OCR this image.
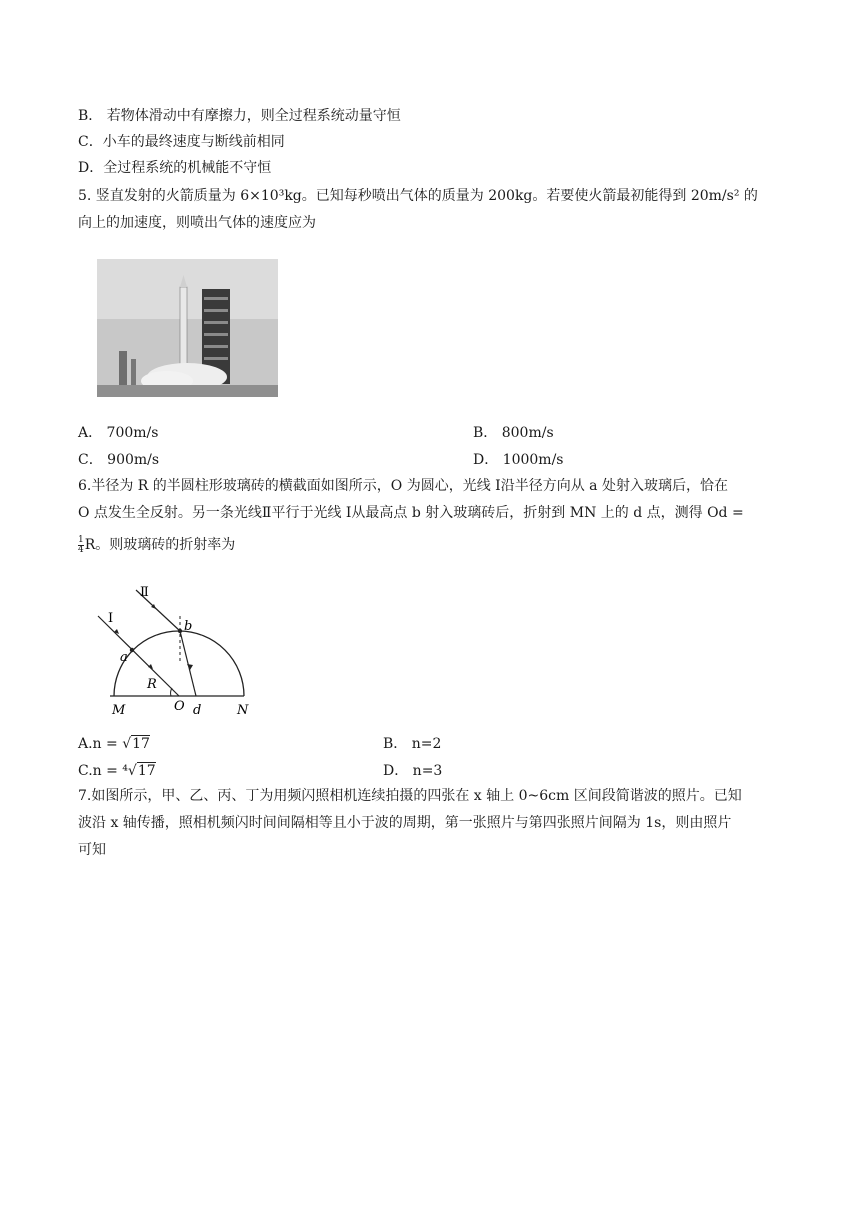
B． 若物体滑动中有摩擦力，则全过程系统动量守恒
C．小车的最终速度与断线前相同
D．全过程系统的机械能不守恒
5. 竖直发射的火箭质量为 6×10³kg。已知每秒喷出气体的质量为 200kg。若要使火箭最初能得到 20m/s² 的
向上的加速度，则喷出气体的速度应为
A． 700m/s	B． 800m/s
C． 900m/s	D． 1000m/s
6.半径为 R 的半圆柱形玻璃砖的横截面如图所示，O 为圆心，光线 Ⅰ沿半径方向从 a 处射入玻璃后，恰在
O 点发生全反射。另一条光线Ⅱ平行于光线 Ⅰ从最高点 b 射入玻璃砖后，折射到 MN 上的 d 点，测得 Od =
$\frac{1}{4}$ R。则玻璃砖的折射率为
Ⅰ
Ⅱ
a
b
R
M	O d	N
A.n = √17	B． n=2
C.n = ⁴√17	D． n=3
7.如图所示，甲、乙、丙、丁为用频闪照相机连续拍摄的四张在 x 轴上 0~6cm 区间段简谐波的照片。已知
波沿 x 轴传播，照相机频闪时间间隔相等且小于波的周期，第一张照片与第四张照片间隔为 1s，则由照片
可知
